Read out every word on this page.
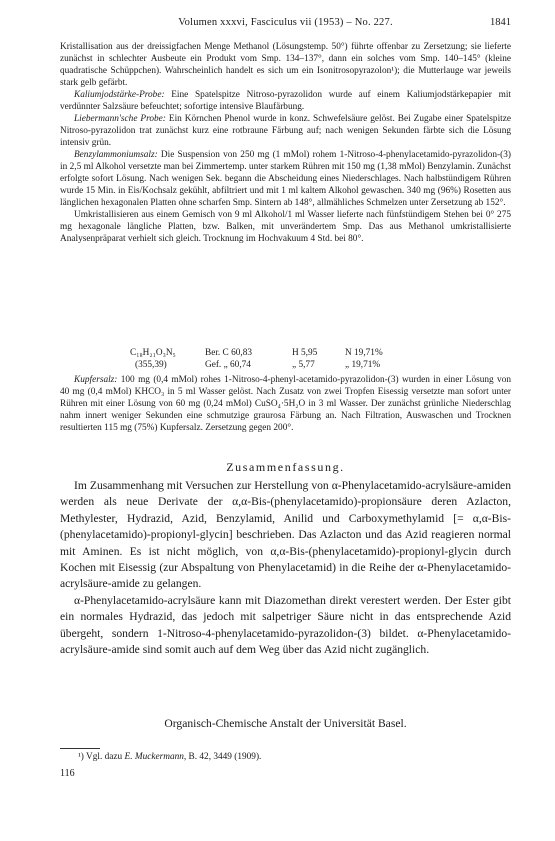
Volumen xxxvi, Fasciculus vii (1953) – No. 227.	1841

Kristallisation aus der dreissigfachen Menge Methanol (Lösungstemp. 50°) führte offenbar zu Zersetzung; sie lieferte zunächst in schlechter Ausbeute ein Produkt vom Smp. 134–137°, dann ein solches vom Smp. 140–145° (kleine quadratische Schüppchen). Wahrscheinlich handelt es sich um ein Isonitrosopyrazolon¹); die Mutterlauge war jeweils stark gelb gefärbt.

Kaliumjodstärke-Probe: Eine Spatelspitze Nitroso-pyrazolidon wurde auf einem Kaliumjodstärkepapier mit verdünnter Salzsäure befeuchtet; sofortige intensive Blaufärbung.

Liebermann'sche Probe: Ein Körnchen Phenol wurde in konz. Schwefelsäure gelöst. Bei Zugabe einer Spatelspitze Nitroso-pyrazolidon trat zunächst kurz eine rotbraune Färbung auf; nach wenigen Sekunden färbte sich die Lösung intensiv grün.

Benzylammoniumsalz: Die Suspension von 250 mg (1 mMol) rohem 1-Nitroso-4-phenylacetamido-pyrazolidon-(3) in 2,5 ml Alkohol versetzte man bei Zimmertemp. unter starkem Rühren mit 150 mg (1,38 mMol) Benzylamin. Zunächst erfolgte sofort Lösung. Nach wenigen Sek. begann die Abscheidung eines Niederschlages. Nach halbstündigem Rühren wurde 15 Min. in Eis/Kochsalz gekühlt, abfiltriert und mit 1 ml kaltem Alkohol gewaschen. 340 mg (96%) Rosetten aus länglichen hexagonalen Platten ohne scharfen Smp. Sintern ab 148°, allmähliches Schmelzen unter Zersetzung ab 152°.

Umkristallisieren aus einem Gemisch von 9 ml Alkohol/1 ml Wasser lieferte nach fünfstündigem Stehen bei 0° 275 mg hexagonale längliche Platten, bzw. Balken, mit unverändertem Smp. Das aus Methanol umkristallisierte Analysenpräparat verhielt sich gleich. Trocknung im Hochvakuum 4 Std. bei 80°.

C₁₈H₂₁O₃N₅	Ber. C 60,83	H 5,95	N 19,71%
(355,39)	Gef. „ 60,74	„ 5,77	„ 19,71%

Kupfersalz: 100 mg (0,4 mMol) rohes 1-Nitroso-4-phenyl-acetamido-pyrazolidon-(3) wurden in einer Lösung von 40 mg (0,4 mMol) KHCO₃ in 5 ml Wasser gelöst. Nach Zusatz von zwei Tropfen Eisessig versetzte man sofort unter Rühren mit einer Lösung von 60 mg (0,24 mMol) CuSO₄·5H₂O in 3 ml Wasser. Der zunächst grünliche Niederschlag nahm innert weniger Sekunden eine schmutzige graurosa Färbung an. Nach Filtration, Auswaschen und Trocknen resultierten 115 mg (75%) Kupfersalz. Zersetzung gegen 200°.

Zusammenfassung.

Im Zusammenhang mit Versuchen zur Herstellung von α-Phenylacetamido-acrylsäure-amiden werden als neue Derivate der α,α-Bis-(phenylacetamido)-propionsäure deren Azlacton, Methylester, Hydrazid, Azid, Benzylamid, Anilid und Carboxymethylamid [= α,α-Bis-(phenylacetamido)-propionyl-glycin] beschrieben. Das Azlacton und das Azid reagieren normal mit Aminen. Es ist nicht möglich, von α,α-Bis-(phenylacetamido)-propionyl-glycin durch Kochen mit Eisessig (zur Abspaltung von Phenylacetamid) in die Reihe der α-Phenylacetamido-acrylsäure-amide zu gelangen.

α-Phenylacetamido-acrylsäure kann mit Diazomethan direkt verestert werden. Der Ester gibt ein normales Hydrazid, das jedoch mit salpetriger Säure nicht in das entsprechende Azid übergeht, sondern 1-Nitroso-4-phenylacetamido-pyrazolidon-(3) bildet. α-Phenylacetamido-acrylsäure-amide sind somit auch auf dem Weg über das Azid nicht zugänglich.

Organisch-Chemische Anstalt der Universität Basel.
¹) Vgl. dazu E. Muckermann, B. 42, 3449 (1909).
116
